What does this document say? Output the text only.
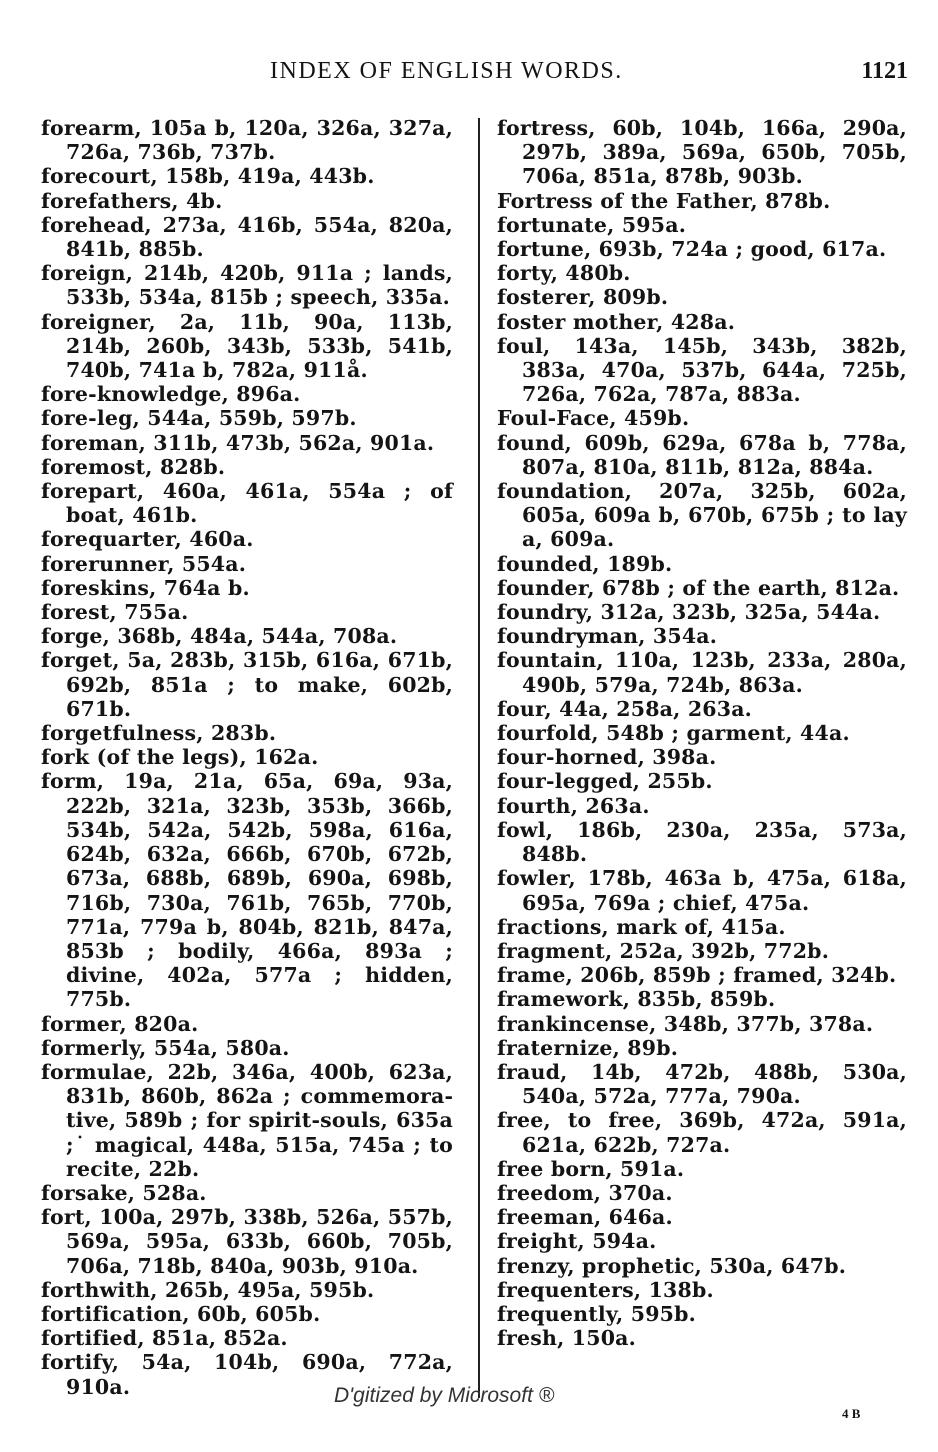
INDEX OF ENGLISH WORDS.	1121
forearm, 105a b, 120a, 326a, 327a, 726a, 736b, 737b.
forecourt, 158b, 419a, 443b.
forefathers, 4b.
forehead, 273a, 416b, 554a, 820a, 841b, 885b.
foreign, 214b, 420b, 911a ; lands, 533b, 534a, 815b ; speech, 335a.
foreigner, 2a, 11b, 90a, 113b, 214b, 260b, 343b, 533b, 541b, 740b, 741a b, 782a, 911å.
fore-knowledge, 896a.
fore-leg, 544a, 559b, 597b.
foreman, 311b, 473b, 562a, 901a.
foremost, 828b.
forepart, 460a, 461a, 554a ; of boat, 461b.
forequarter, 460a.
forerunner, 554a.
foreskins, 764a b.
forest, 755a.
forge, 368b, 484a, 544a, 708a.
forget, 5a, 283b, 315b, 616a, 671b, 692b, 851a ; to make, 602b, 671b.
forgetfulness, 283b.
fork (of the legs), 162a.
form, 19a, 21a, 65a, 69a, 93a, 222b, 321a, 323b, 353b, 366b, 534b, 542a, 542b, 598a, 616a, 624b, 632a, 666b, 670b, 672b, 673a, 688b, 689b, 690a, 698b, 716b, 730a, 761b, 765b, 770b, 771a, 779a b, 804b, 821b, 847a, 853b ; bodily, 466a, 893a ; divine, 402a, 577a ; hidden, 775b.
former, 820a.
formerly, 554a, 580a.
formulae, 22b, 346a, 400b, 623a, 831b, 860b, 862a ; commemorative, 589b ; for spirit-souls, 635a ;˙ magical, 448a, 515a, 745a ; to recite, 22b.
forsake, 528a.
fort, 100a, 297b, 338b, 526a, 557b, 569a, 595a, 633b, 660b, 705b, 706a, 718b, 840a, 903b, 910a.
forthwith, 265b, 495a, 595b.
fortification, 60b, 605b.
fortified, 851a, 852a.
fortify, 54a, 104b, 690a, 772a, 910a.
fortress, 60b, 104b, 166a, 290a, 297b, 389a, 569a, 650b, 705b, 706a, 851a, 878b, 903b.
Fortress of the Father, 878b.
fortunate, 595a.
fortune, 693b, 724a ; good, 617a.
forty, 480b.
fosterer, 809b.
foster mother, 428a.
foul, 143a, 145b, 343b, 382b, 383a, 470a, 537b, 644a, 725b, 726a, 762a, 787a, 883a.
Foul-Face, 459b.
found, 609b, 629a, 678a b, 778a, 807a, 810a, 811b, 812a, 884a.
foundation, 207a, 325b, 602a, 605a, 609a b, 670b, 675b ; to lay a, 609a.
founded, 189b.
founder, 678b ; of the earth, 812a.
foundry, 312a, 323b, 325a, 544a.
foundryman, 354a.
fountain, 110a, 123b, 233a, 280a, 490b, 579a, 724b, 863a.
four, 44a, 258a, 263a.
fourfold, 548b ; garment, 44a.
four-horned, 398a.
four-legged, 255b.
fourth, 263a.
fowl, 186b, 230a, 235a, 573a, 848b.
fowler, 178b, 463a b, 475a, 618a, 695a, 769a ; chief, 475a.
fractions, mark of, 415a.
fragment, 252a, 392b, 772b.
frame, 206b, 859b ; framed, 324b.
framework, 835b, 859b.
frankincense, 348b, 377b, 378a.
fraternize, 89b.
fraud, 14b, 472b, 488b, 530a, 540a, 572a, 777a, 790a.
free, to free, 369b, 472a, 591a, 621a, 622b, 727a.
free born, 591a.
freedom, 370a.
freeman, 646a.
freight, 594a.
frenzy, prophetic, 530a, 647b.
frequenters, 138b.
frequently, 595b.
fresh, 150a.
D'gitized by Microsoft ®
4 B
